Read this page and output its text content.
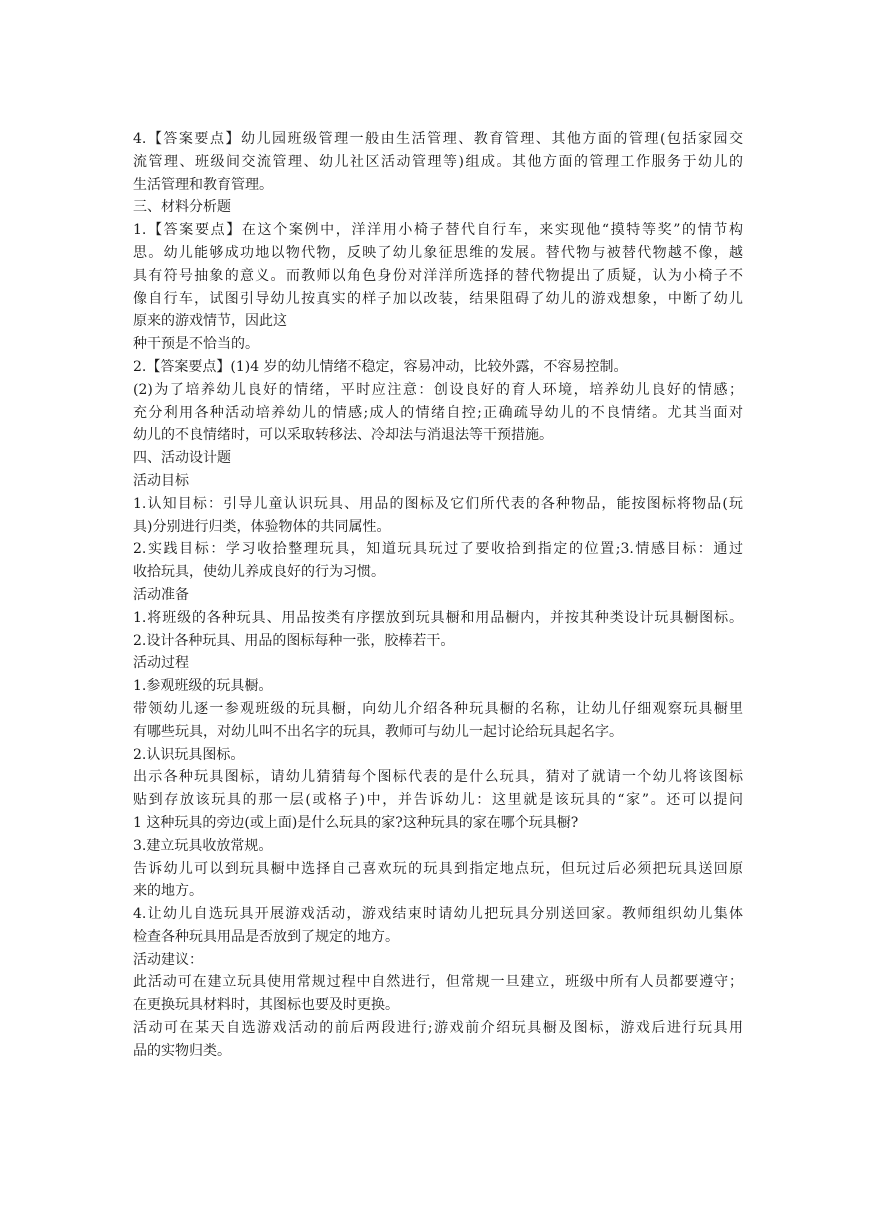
4.【答案要点】幼儿园班级管理一般由生活管理、教育管理、其他方面的管理(包括家园交
流管理、班级间交流管理、幼儿社区活动管理等)组成。其他方面的管理工作服务于幼儿的
生活管理和教育管理。
三、材料分析题
1.【答案要点】在这个案例中，洋洋用小椅子替代自行车，来实现他“摸特等奖”的情节构
思。幼儿能够成功地以物代物，反映了幼儿象征思维的发展。替代物与被替代物越不像，越
具有符号抽象的意义。而教师以角色身份对洋洋所选择的替代物提出了质疑，认为小椅子不
像自行车，试图引导幼儿按真实的样子加以改装，结果阻碍了幼儿的游戏想象，中断了幼儿
原来的游戏情节，因此这
种干预是不恰当的。
2.【答案要点】(1)4 岁的幼儿情绪不稳定，容易冲动，比较外露，不容易控制。
(2)为了培养幼儿良好的情绪，平时应注意：创设良好的育人环境，培养幼儿良好的情感；
充分利用各种活动培养幼儿的情感;成人的情绪自控;正确疏导幼儿的不良情绪。尤其当面对
幼儿的不良情绪时，可以采取转移法、冷却法与消退法等干预措施。
四、活动设计题
活动目标
1.认知目标：引导儿童认识玩具、用品的图标及它们所代表的各种物品，能按图标将物品(玩
具)分别进行归类，体验物体的共同属性。
2.实践目标：学习收拾整理玩具，知道玩具玩过了要收拾到指定的位置;3.情感目标：通过
收拾玩具，使幼儿养成良好的行为习惯。
活动准备
1.将班级的各种玩具、用品按类有序摆放到玩具橱和用品橱内，并按其种类设计玩具橱图标。
2.设计各种玩具、用品的图标每种一张，胶棒若干。
活动过程
1.参观班级的玩具橱。
带领幼儿逐一参观班级的玩具橱，向幼儿介绍各种玩具橱的名称，让幼儿仔细观察玩具橱里
有哪些玩具，对幼儿叫不出名字的玩具，教师可与幼儿一起讨论给玩具起名字。
2.认识玩具图标。
出示各种玩具图标，请幼儿猜猜每个图标代表的是什么玩具，猜对了就请一个幼儿将该图标
贴到存放该玩具的那一层(或格子)中，并告诉幼儿：这里就是该玩具的“家”。还可以提问
1 这种玩具的旁边(或上面)是什么玩具的家?这种玩具的家在哪个玩具橱?
3.建立玩具收放常规。
告诉幼儿可以到玩具橱中选择自己喜欢玩的玩具到指定地点玩，但玩过后必须把玩具送回原
来的地方。
4.让幼儿自选玩具开展游戏活动，游戏结束时请幼儿把玩具分别送回家。教师组织幼儿集体
检查各种玩具用品是否放到了规定的地方。
活动建议：
此活动可在建立玩具使用常规过程中自然进行，但常规一旦建立，班级中所有人员都要遵守；
在更换玩具材料时，其图标也要及时更换。
活动可在某天自选游戏活动的前后两段进行;游戏前介绍玩具橱及图标，游戏后进行玩具用
品的实物归类。
